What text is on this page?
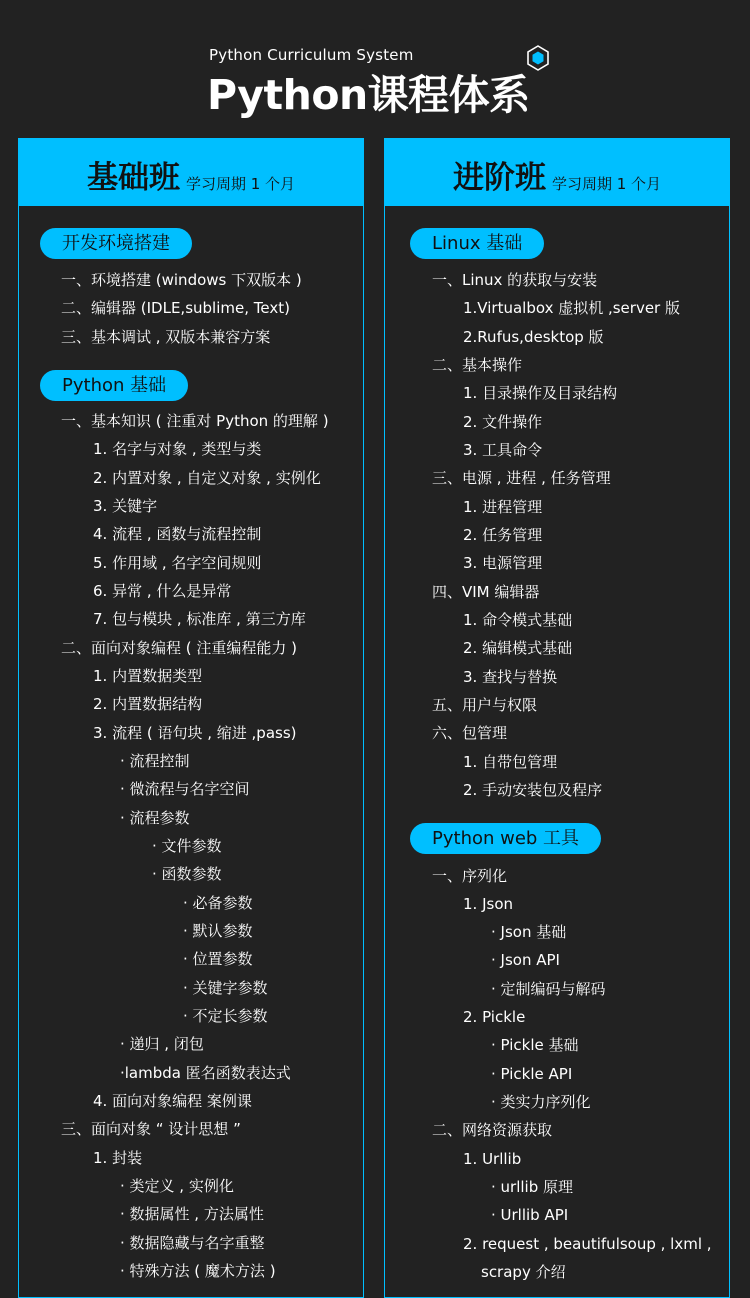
Python Curriculum System
Python课程体系
基础班 学习周期 1 个月
开发环境搭建
一、环境搭建 (windows 下双版本 )
二、编辑器 (IDLE,sublime, Text)
三、基本调试 , 双版本兼容方案
Python 基础
一、基本知识 ( 注重对 Python 的理解 )
1. 名字与对象 , 类型与类
2. 内置对象 , 自定义对象 , 实例化
3. 关键字
4. 流程 , 函数与流程控制
5. 作用域 , 名字空间规则
6. 异常 , 什么是异常
7. 包与模块 , 标准库 , 第三方库
二、面向对象编程 ( 注重编程能力 )
1. 内置数据类型
2. 内置数据结构
3. 流程 ( 语句块 , 缩进 ,pass)
· 流程控制
· 微流程与名字空间
· 流程参数
· 文件参数
· 函数参数
· 必备参数
· 默认参数
· 位置参数
· 关键字参数
· 不定长参数
· 递归 , 闭包
·lambda 匿名函数表达式
4. 面向对象编程 案例课
三、面向对象 “ 设计思想 ”
1. 封装
· 类定义 , 实例化
· 数据属性 , 方法属性
· 数据隐藏与名字重整
· 特殊方法 ( 魔术方法 )
进阶班 学习周期 1 个月
Linux 基础
一、Linux 的获取与安装
1.Virtualbox 虚拟机 ,server 版
2.Rufus,desktop 版
二、基本操作
1. 目录操作及目录结构
2. 文件操作
3. 工具命令
三、电源 , 进程 , 任务管理
1. 进程管理
2. 任务管理
3. 电源管理
四、VIM 编辑器
1. 命令模式基础
2. 编辑模式基础
3. 查找与替换
五、用户与权限
六、包管理
1. 自带包管理
2. 手动安装包及程序
Python web 工具
一、序列化
1. Json
· Json 基础
· Json API
· 定制编码与解码
2. Pickle
· Pickle 基础
· Pickle API
· 类实力序列化
二、网络资源获取
1. Urllib
· urllib 原理
· Urllib API
2. request , beautifulsoup , lxml ,
scrapy 介绍
